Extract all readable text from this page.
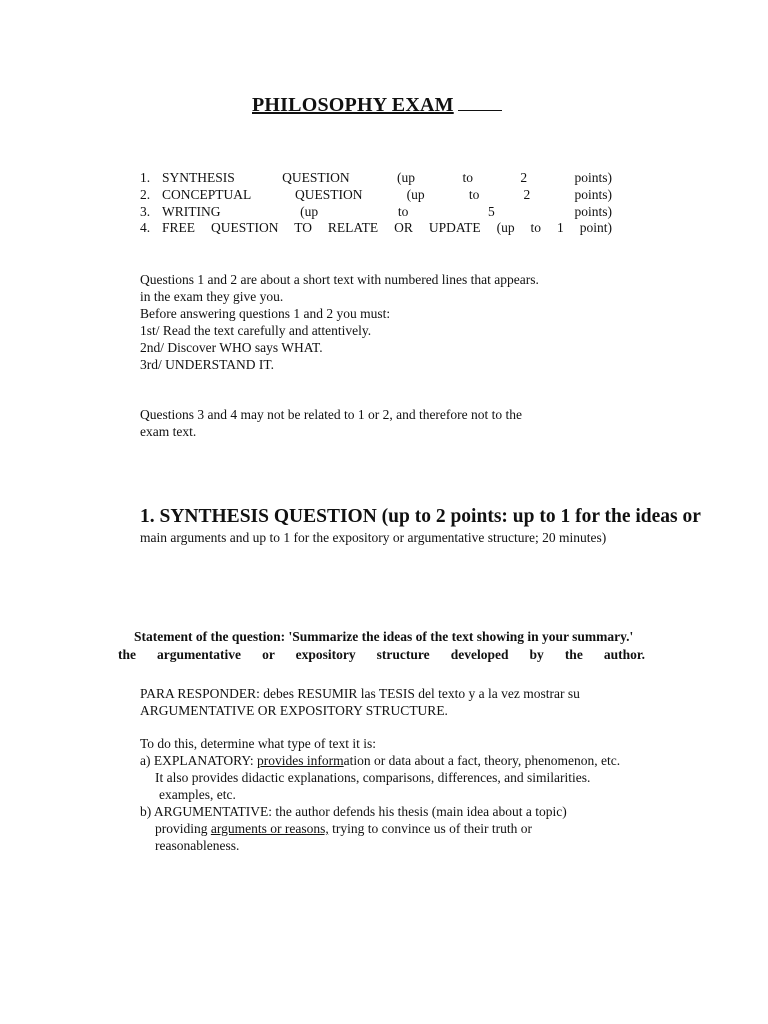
PHILOSOPHY EXAM
1. SYNTHESIS QUESTION (up to 2 points)
2. CONCEPTUAL QUESTION (up to 2 points)
3. WRITING (up to 5 points)
4. FREE QUESTION TO RELATE OR UPDATE (up to 1 point)
Questions 1 and 2 are about a short text with numbered lines that appears.
in the exam they give you.
Before answering questions 1 and 2 you must:
1st/ Read the text carefully and attentively.
2nd/ Discover WHO says WHAT.
3rd/ UNDERSTAND IT.
Questions 3 and 4 may not be related to 1 or 2, and therefore not to the
exam text.
1. SYNTHESIS QUESTION (up to 2 points: up to 1 for the ideas or
main arguments and up to 1 for the expository or argumentative structure; 20 minutes)
Statement of the question: 'Summarize the ideas of the text showing in your summary.'
the argumentative or expository structure developed by the author.
PARA RESPONDER: debes RESUMIR las TESIS del texto y a la vez mostrar su
ARGUMENTATIVE OR EXPOSITORY STRUCTURE.
To do this, determine what type of text it is:
a) EXPLANATORY: provides information or data about a fact, theory, phenomenon, etc.
It also provides didactic explanations, comparisons, differences, and similarities.
examples, etc.
b) ARGUMENTATIVE: the author defends his thesis (main idea about a topic)
providing arguments or reasons, trying to convince us of their truth or
reasonableness.
